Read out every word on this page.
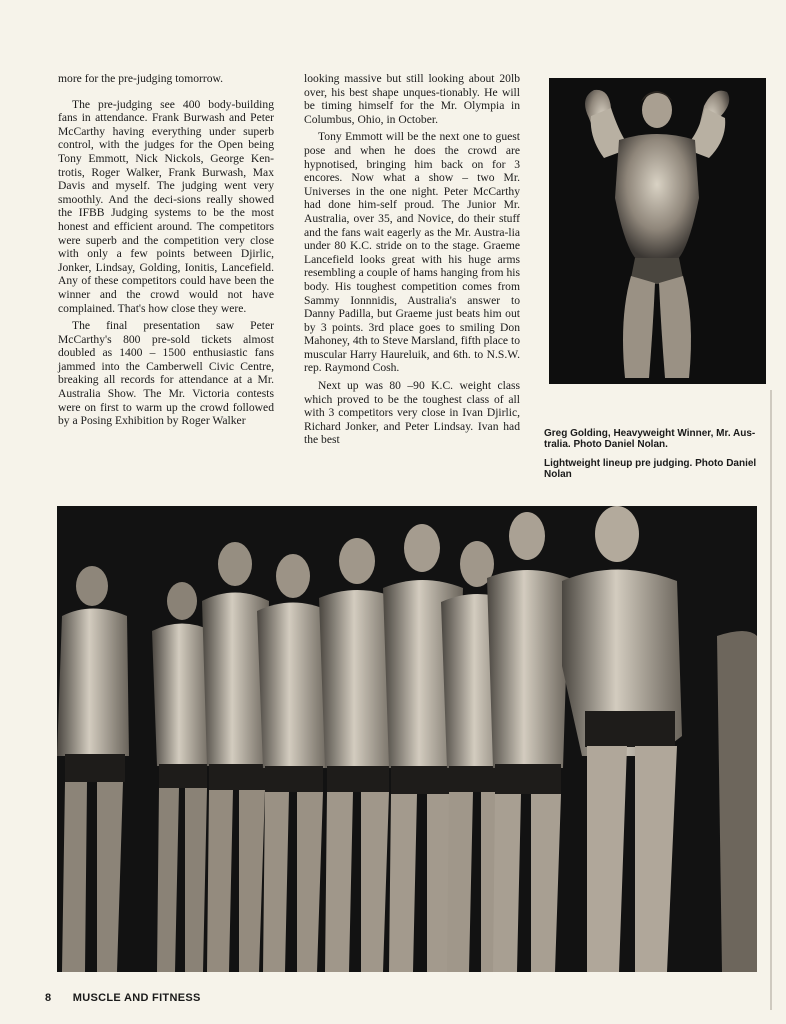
more for the pre-judging tomorrow.

The pre-judging see 400 body-building fans in attendance. Frank Burwash and Peter McCarthy having everything under superb control, with the judges for the Open being Tony Emmott, Nick Nickols, George Ken-trotis, Roger Walker, Frank Burwash, Max Davis and myself. The judging went very smoothly. And the deci-sions really showed the IFBB Judging systems to be the most honest and efficient around. The competitors were superb and the competition very close with only a few points between Djirlic, Jonker, Lindsay, Golding, Ionitis, Lancefield. Any of these competitors could have been the winner and the crowd would not have complained. That's how close they were.

The final presentation saw Peter McCarthy's 800 pre-sold tickets almost doubled as 1400 – 1500 enthusiastic fans jammed into the Camberwell Civic Centre, breaking all records for attendance at a Mr. Australia Show. The Mr. Victoria contests were on first to warm up the crowd followed by a Posing Exhibition by Roger Walker

looking massive but still looking about 20lb over, his best shape unques-tionably. He will be timing himself for the Mr. Olympia in Columbus, Ohio, in October.

Tony Emmott will be the next one to guest pose and when he does the crowd are hypnotised, bringing him back on for 3 encores. Now what a show – two Mr. Universes in the one night. Peter McCarthy had done him-self proud. The Junior Mr. Australia, over 35, and Novice, do their stuff and the fans wait eagerly as the Mr. Austra-lia under 80 K.C. stride on to the stage. Graeme Lancefield looks great with his huge arms resembling a couple of hams hanging from his body. His toughest competition comes from Sammy Ionnnidis, Australia's answer to Danny Padilla, but Graeme just beats him out by 3 points. 3rd place goes to smiling Don Mahoney, 4th to Steve Marsland, fifth place to muscular Harry Haureluik, and 6th. to N.S.W. rep. Raymond Cosh.

Next up was 80 –90 K.C. weight class which proved to be the toughest class of all with 3 competitors very close in Ivan Djirlic, Richard Jonker, and Peter Lindsay. Ivan had the best	Greg Golding, Heavyweight Winner, Mr. Aus-tralia. Photo Daniel Nolan.

Lightweight lineup pre judging. Photo Daniel Nolan

8 MUSCLE AND FITNESS
